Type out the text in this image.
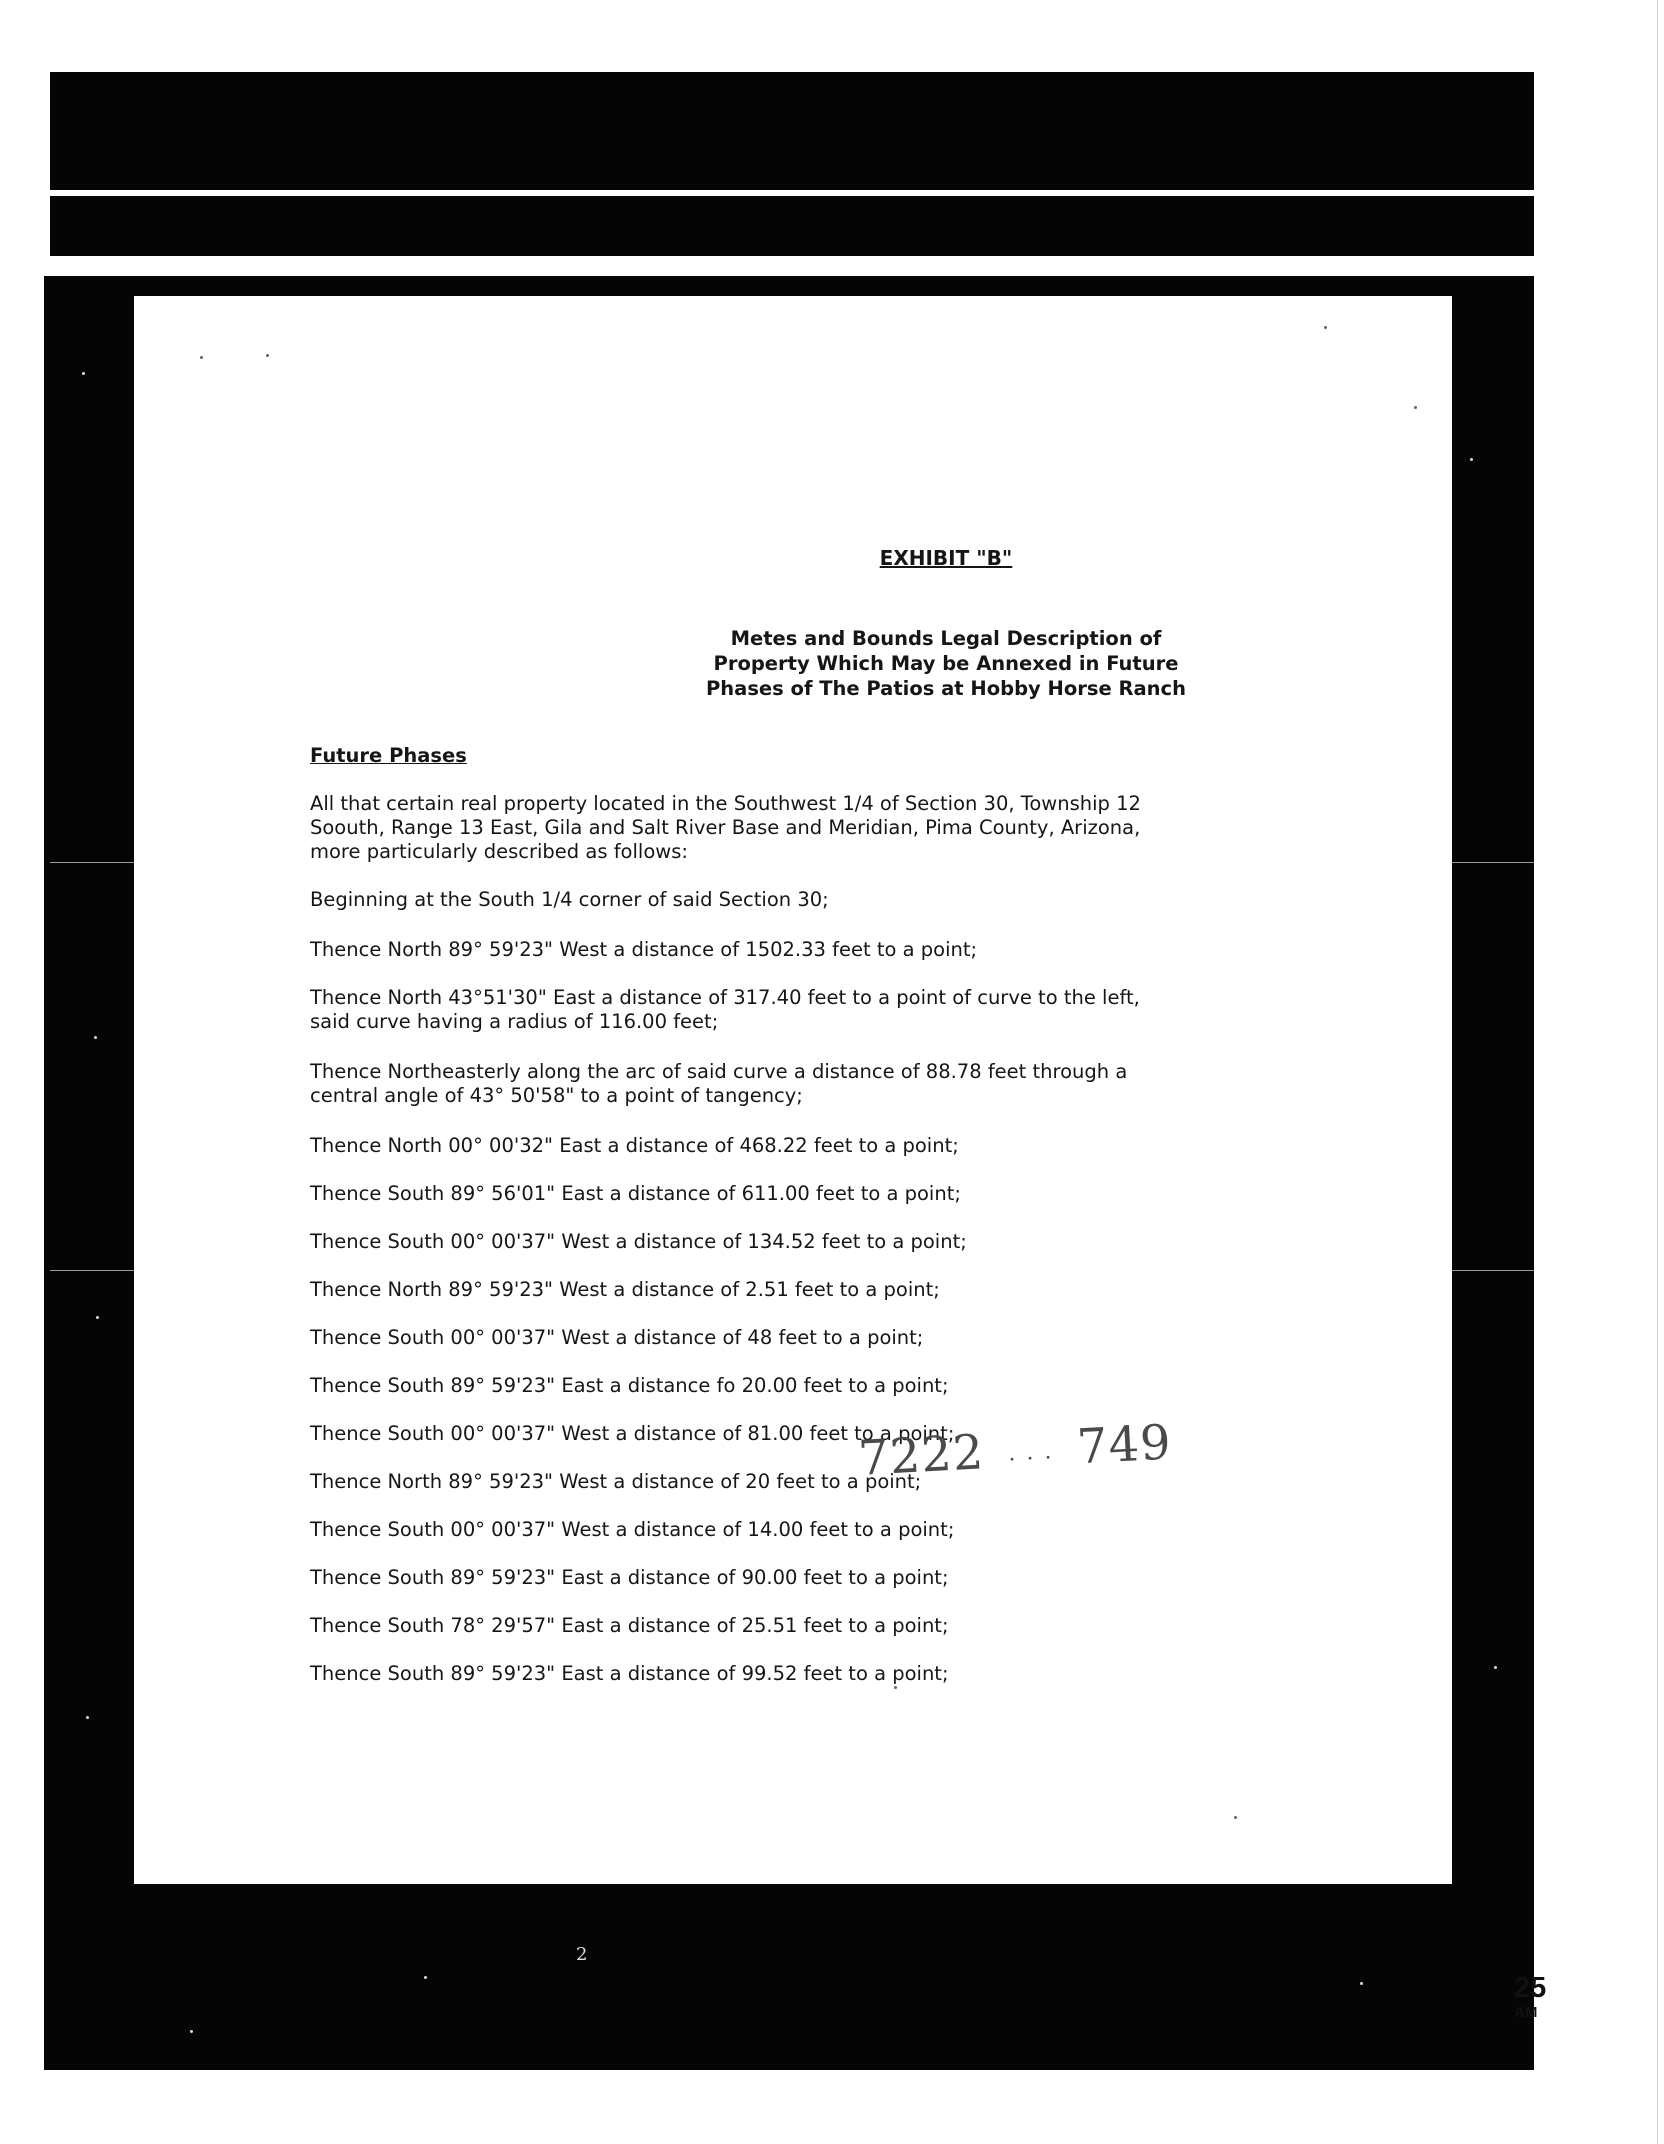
EXHIBIT "B"
Metes and Bounds Legal Description of
Property Which May be Annexed in Future
Phases of The Patios at Hobby Horse Ranch
Future Phases
All that certain real property located in the Southwest 1/4 of Section 30, Township 12
Soouth, Range 13 East, Gila and Salt River Base and Meridian, Pima County, Arizona,
more particularly described as follows:
Beginning at the South 1/4 corner of said Section 30;
Thence North 89° 59'23" West a distance of 1502.33 feet to a point;
Thence North 43°51'30" East a distance of 317.40 feet to a point of curve to the left,
said curve having a radius of 116.00 feet;
Thence Northeasterly along the arc of said curve a distance of 88.78 feet through a
central angle of 43° 50'58" to a point of tangency;
Thence North 00° 00'32" East a distance of 468.22 feet to a point;
Thence South 89° 56'01" East a distance of 611.00 feet to a point;
Thence South 00° 00'37" West a distance of 134.52 feet to a point;
Thence North 89° 59'23" West a distance of 2.51 feet to a point;
Thence South 00° 00'37" West a distance of 48 feet to a point;
Thence South 89° 59'23" East a distance fo 20.00 feet to a point;
Thence South 00° 00'37" West a distance of 81.00 feet to a point;
Thence North 89° 59'23" West a distance of 20 feet to a point;
Thence South 00° 00'37" West a distance of 14.00 feet to a point;
Thence South 89° 59'23" East a distance of 90.00 feet to a point;
Thence South 78° 29'57" East a distance of 25.51 feet to a point;
Thence South 89° 59'23" East a distance of 99.52 feet to a point;
7222 · · · 749
2
25
AM
